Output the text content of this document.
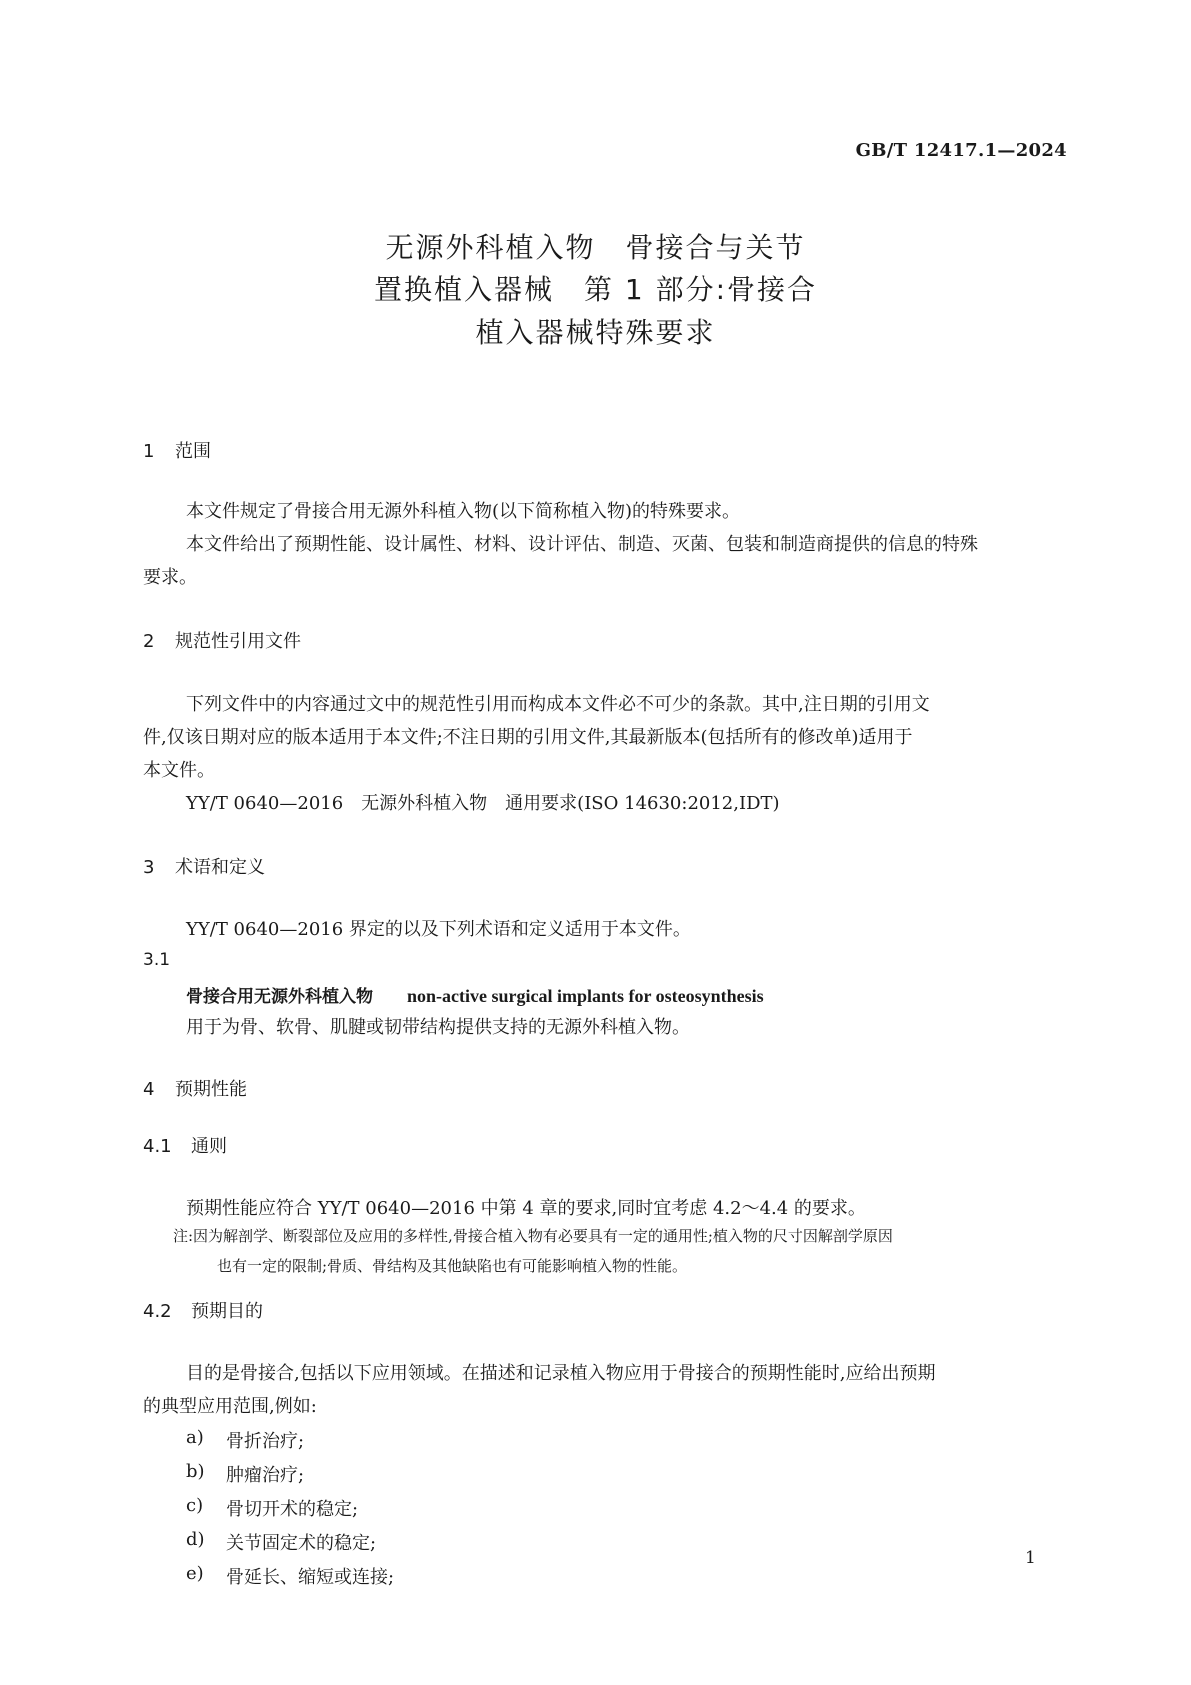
GB/T 12417.1—2024
无源外科植入物　骨接合与关节
置换植入器械　第 1 部分:骨接合
植入器械特殊要求
1 范围
本文件规定了骨接合用无源外科植入物(以下简称植入物)的特殊要求。
本文件给出了预期性能、设计属性、材料、设计评估、制造、灭菌、包装和制造商提供的信息的特殊
要求。
2 规范性引用文件
下列文件中的内容通过文中的规范性引用而构成本文件必不可少的条款。其中,注日期的引用文
件,仅该日期对应的版本适用于本文件;不注日期的引用文件,其最新版本(包括所有的修改单)适用于
本文件。
YY/T 0640—2016　无源外科植入物　通用要求(ISO 14630:2012,IDT)
3 术语和定义
YY/T 0640—2016 界定的以及下列术语和定义适用于本文件。
3.1
骨接合用无源外科植入物 non-active surgical implants for osteosynthesis
用于为骨、软骨、肌腱或韧带结构提供支持的无源外科植入物。
4 预期性能
4.1 通则
预期性能应符合 YY/T 0640—2016 中第 4 章的要求,同时宜考虑 4.2～4.4 的要求。
注:因为解剖学、断裂部位及应用的多样性,骨接合植入物有必要具有一定的通用性;植入物的尺寸因解剖学原因
也有一定的限制;骨质、骨结构及其他缺陷也有可能影响植入物的性能。
4.2 预期目的
目的是骨接合,包括以下应用领域。在描述和记录植入物应用于骨接合的预期性能时,应给出预期
的典型应用范围,例如:
a) 骨折治疗;
b) 肿瘤治疗;
c) 骨切开术的稳定;
d) 关节固定术的稳定;
e) 骨延长、缩短或连接;
1
